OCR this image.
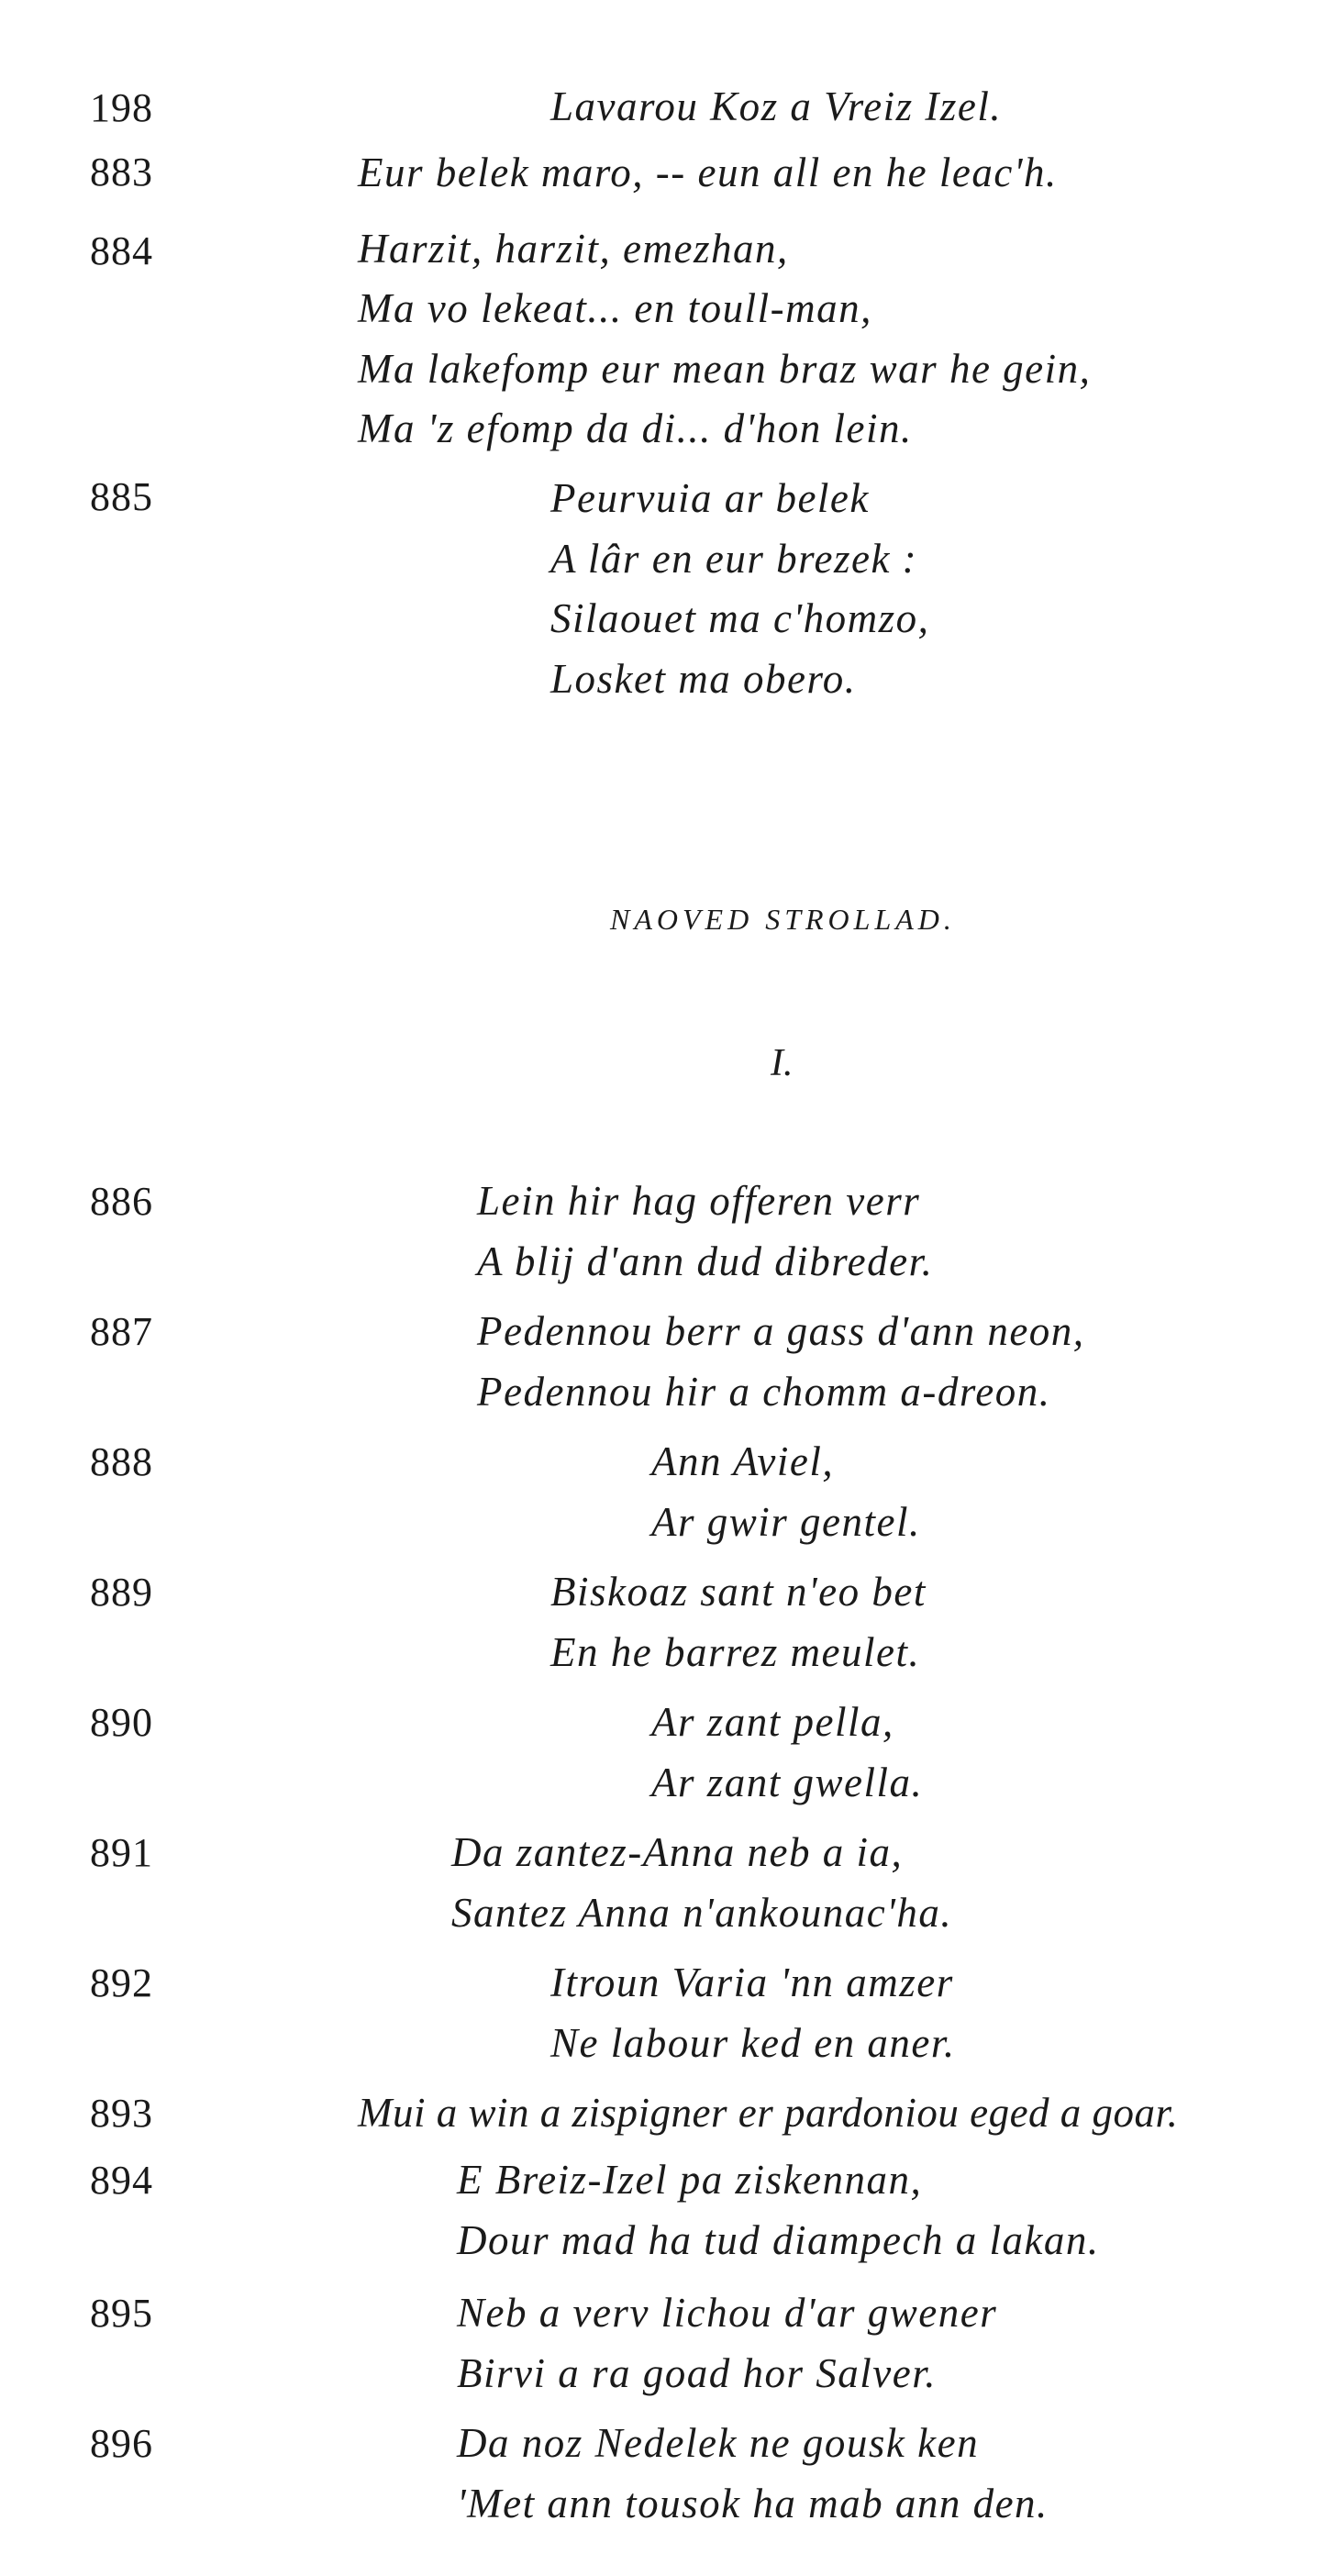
198	Lavarou Koz a Vreiz Izel.
883	Eur belek maro, -- eun all en he leac'h.
884	Harzit, harzit, emezhan,
Ma vo lekeat... en toull-man,
Ma lakefomp eur mean braz war he gein,
Ma 'z efomp da di... d'hon lein.
885	Peurvuia ar belek
A lâr en eur brezek :
Silaouet ma c'homzo,
Losket ma obero.
NAOVED STROLLAD.
I.
886	Lein hir hag offeren verr
A blij d'ann dud dibreder.
887	Pedennou berr a gass d'ann neon,
Pedennou hir a chomm a-dreon.
888	Ann Aviel,
Ar gwir gentel.
889	Biskoaz sant n'eo bet
En he barrez meulet.
890	Ar zant pella,
Ar zant gwella.
891	Da zantez-Anna neb a ia,
Santez Anna n'ankounac'ha.
892	Itroun Varia 'nn amzer
Ne labour ked en aner.
893	Mui a win a zispigner er pardoniou eged a goar.
894	E Breiz-Izel pa ziskennan,
Dour mad ha tud diampech a lakan.
895	Neb a verv lichou d'ar gwener
Birvi a ra goad hor Salver.
896	Da noz Nedelek ne gousk ken
'Met ann tousok ha mab ann den.
